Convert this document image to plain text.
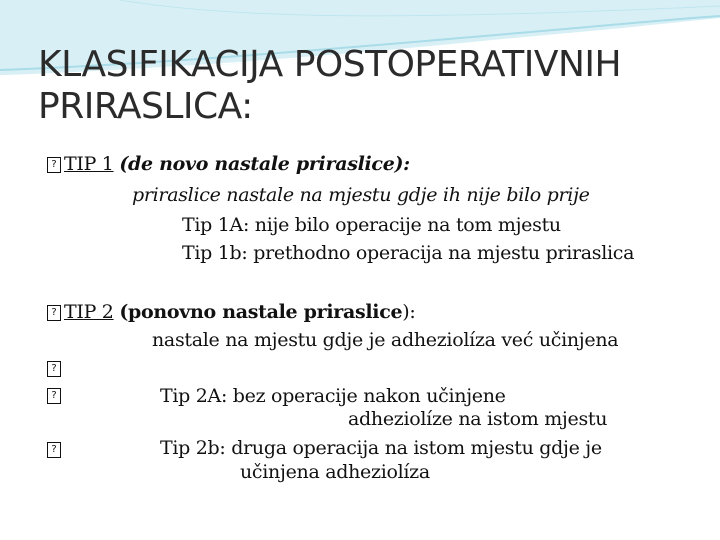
KLASIFIKACIJA POSTOPERATIVNIH
PRIRASLICA:
? TIP 1 (de novo nastale priraslice):
priraslice nastale na mjestu gdje ih nije bilo prije
Tip 1A: nije bilo operacije na tom mjestu
Tip 1b: prethodno operacija na mjestu priraslica
? TIP 2 (ponovno nastale priraslice):
nastale na mjestu gdje je adheziolíza već učinjena
?
?	Tip 2A: bez operacije nakon učinjene
adheziolíze na istom mjestu
?	Tip 2b: druga operacija na istom mjestu gdje je
učinjena adheziolíza
